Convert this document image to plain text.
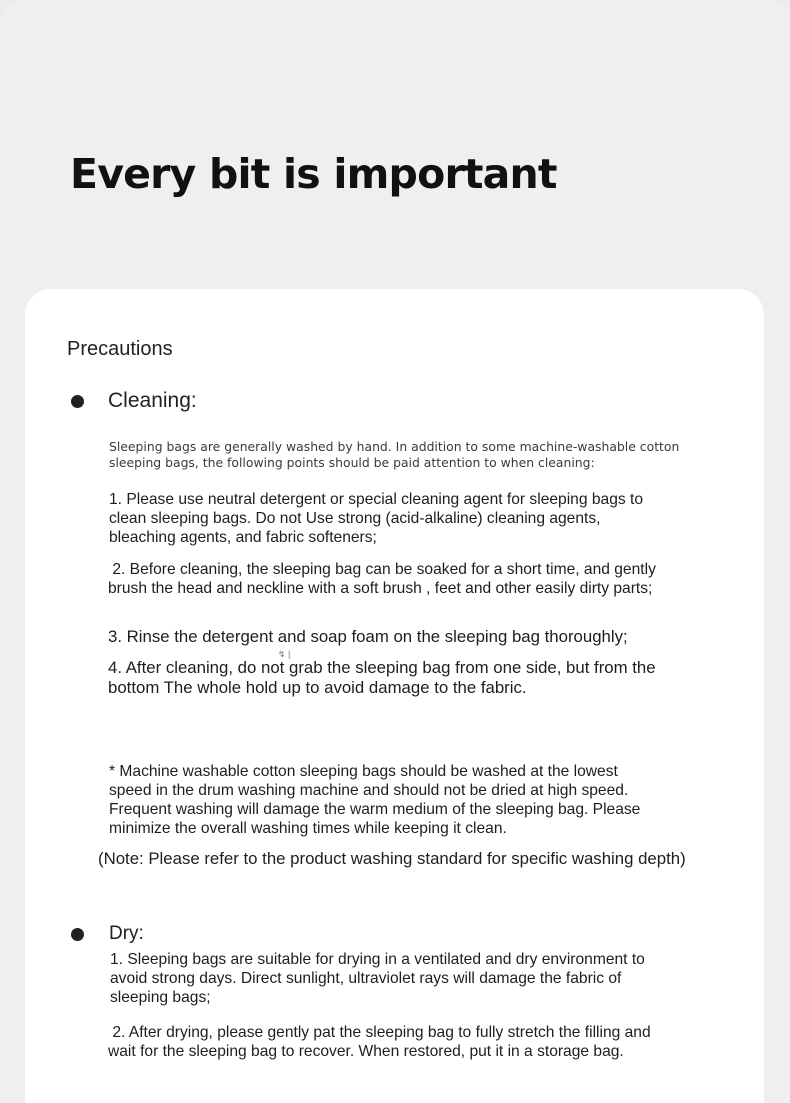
Every bit is important

Precautions

Cleaning:

Sleeping bags are generally washed by hand. In addition to some machine-washable cotton

sleeping bags, the following points should be paid attention to when cleaning:

1. Please use neutral detergent or special cleaning agent for sleeping bags to

clean sleeping bags. Do not Use strong (acid-alkaline) cleaning agents,

bleaching agents, and fabric softeners;

2. Before cleaning, the sleeping bag can be soaked for a short time, and gently

brush the head and neckline with a soft brush , feet and other easily dirty parts;

3. Rinse the detergent and soap foam on the sleeping bag thoroughly;

↯ |

4. After cleaning, do not grab the sleeping bag from one side, but from the

bottom The whole hold up to avoid damage to the fabric.

* Machine washable cotton sleeping bags should be washed at the lowest

speed in the drum washing machine and should not be dried at high speed.

Frequent washing will damage the warm medium of the sleeping bag. Please

minimize the overall washing times while keeping it clean.

(Note: Please refer to the product washing standard for specific washing depth)

Dry:

1. Sleeping bags are suitable for drying in a ventilated and dry environment to

avoid strong days. Direct sunlight, ultraviolet rays will damage the fabric of

sleeping bags;

2. After drying, please gently pat the sleeping bag to fully stretch the filling and

wait for the sleeping bag to recover. When restored, put it in a storage bag.
